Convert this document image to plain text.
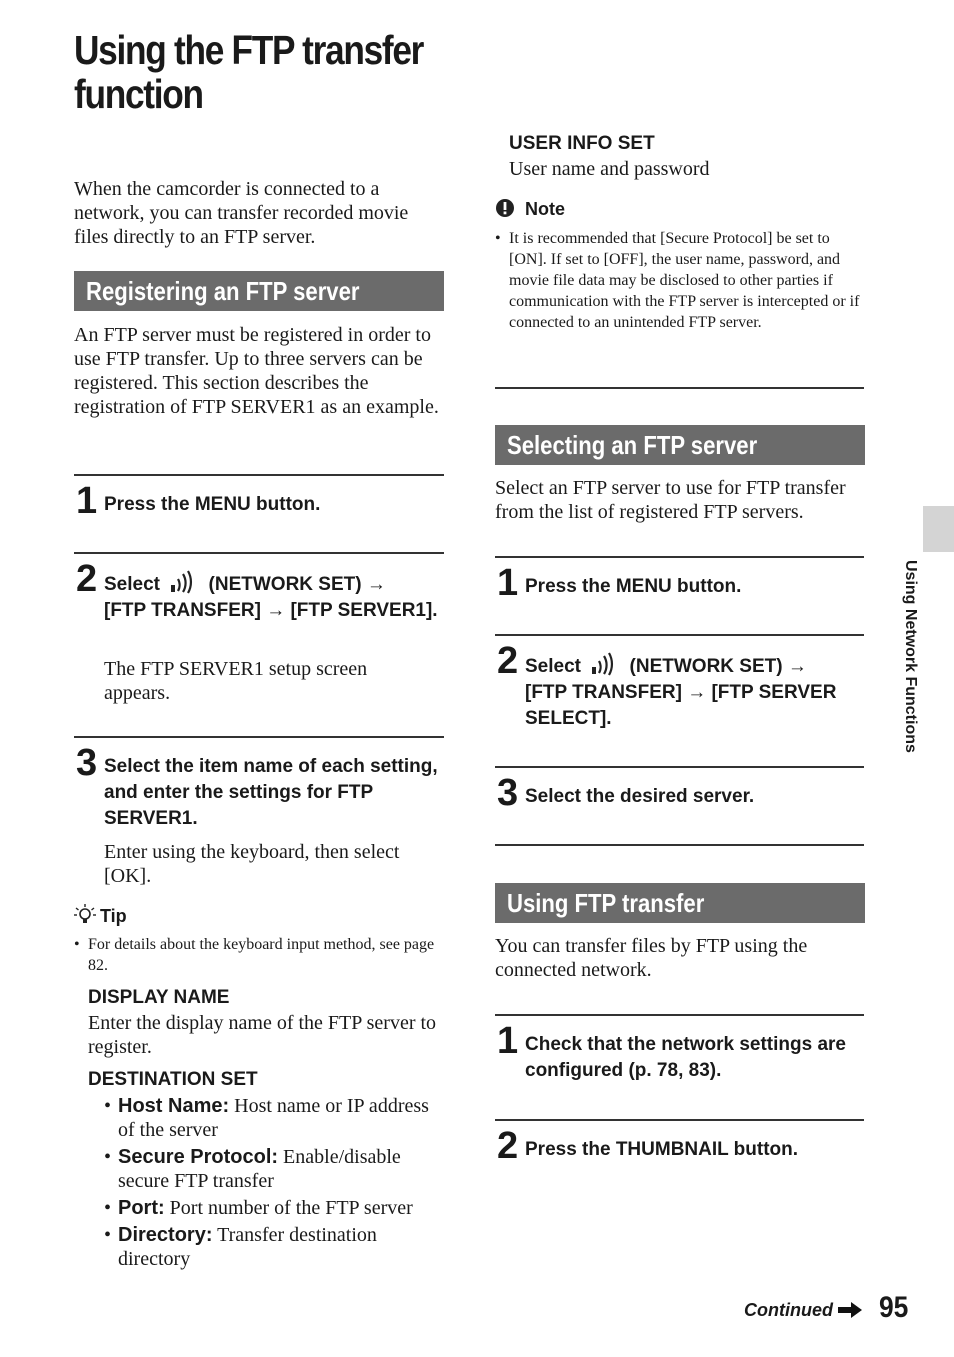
Using the FTP transfer function
When the camcorder is connected to a network, you can transfer recorded movie files directly to an FTP server.
Registering an FTP server
An FTP server must be registered in order to use FTP transfer. Up to three servers can be registered. This section describes the registration of FTP SERVER1 as an example.
1 Press the MENU button.
2 Select	(NETWORK SET) →
[FTP TRANSFER] → [FTP SERVER1].
The FTP SERVER1 setup screen appears.
3 Select the item name of each setting, and enter the settings for FTP SERVER1.
Enter using the keyboard, then select [OK].
Tip
• For details about the keyboard input method, see page 82.
DISPLAY NAME
Enter the display name of the FTP server to register.
DESTINATION SET
• Host Name: Host name or IP address of the server
• Secure Protocol: Enable/disable secure FTP transfer
• Port: Port number of the FTP server
• Directory: Transfer destination directory
USER INFO SET
User name and password
Note
• It is recommended that [Secure Protocol] be set to [ON]. If set to [OFF], the user name, password, and movie file data may be disclosed to other parties if communication with the FTP server is intercepted or if connected to an unintended FTP server.
Selecting an FTP server
Select an FTP server to use for FTP transfer from the list of registered FTP servers.
1 Press the MENU button.
2 Select	(NETWORK SET) →
[FTP TRANSFER] → [FTP SERVER SELECT].
3 Select the desired server.
Using FTP transfer
You can transfer files by FTP using the connected network.
1 Check that the network settings are configured (p. 78, 83).
2 Press the THUMBNAIL button.
Using Network Functions
Continued	95
